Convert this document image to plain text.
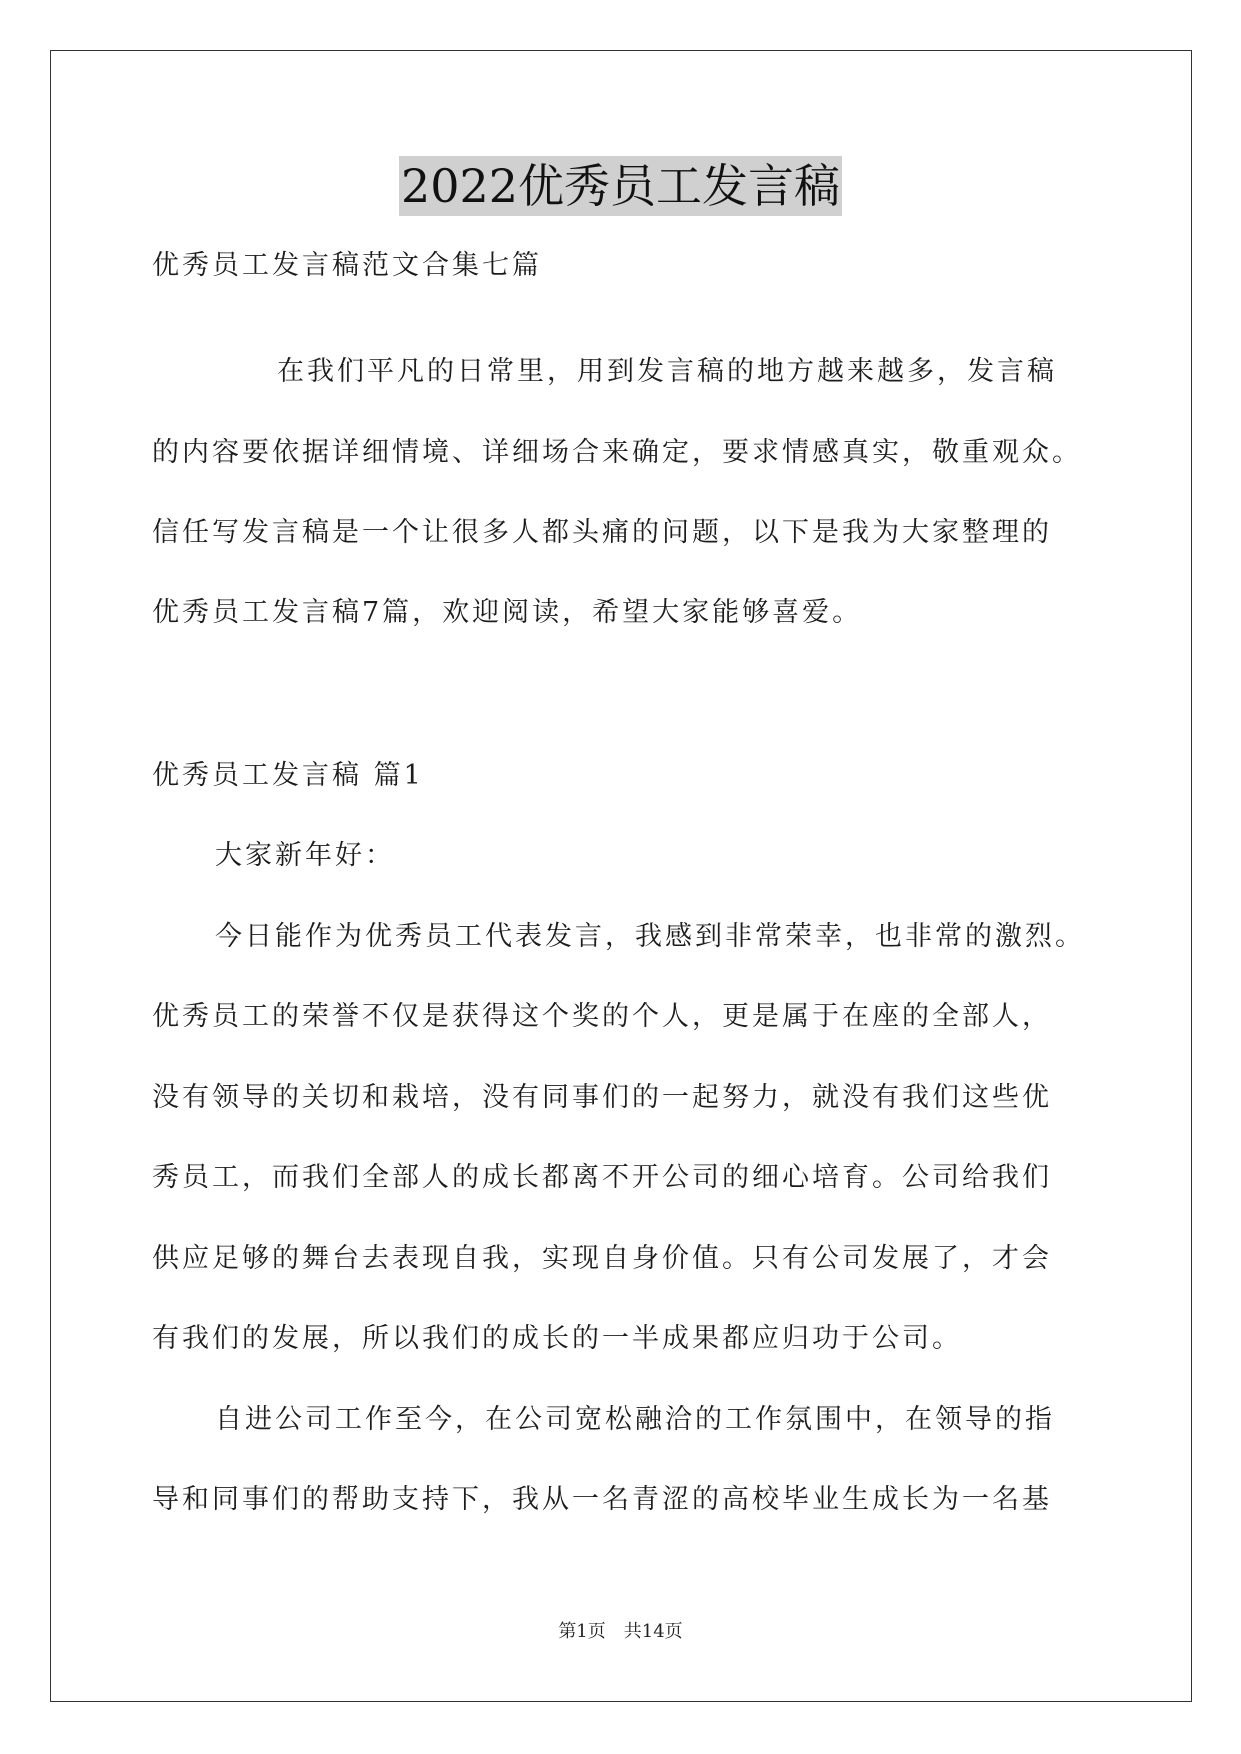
2022优秀员工发言稿
优秀员工发言稿范文合集七篇
在我们平凡的日常里，用到发言稿的地方越来越多，发言稿
的内容要依据详细情境、详细场合来确定，要求情感真实，敬重观众。
信任写发言稿是一个让很多人都头痛的问题，以下是我为大家整理的
优秀员工发言稿7篇，欢迎阅读，希望大家能够喜爱。
优秀员工发言稿 篇1
大家新年好：
今日能作为优秀员工代表发言，我感到非常荣幸，也非常的激烈。
优秀员工的荣誉不仅是获得这个奖的个人，更是属于在座的全部人，
没有领导的关切和栽培，没有同事们的一起努力，就没有我们这些优
秀员工，而我们全部人的成长都离不开公司的细心培育。公司给我们
供应足够的舞台去表现自我，实现自身价值。只有公司发展了，才会
有我们的发展，所以我们的成长的一半成果都应归功于公司。
自进公司工作至今，在公司宽松融洽的工作氛围中，在领导的指
导和同事们的帮助支持下，我从一名青涩的高校毕业生成长为一名基
第1页 共14页
